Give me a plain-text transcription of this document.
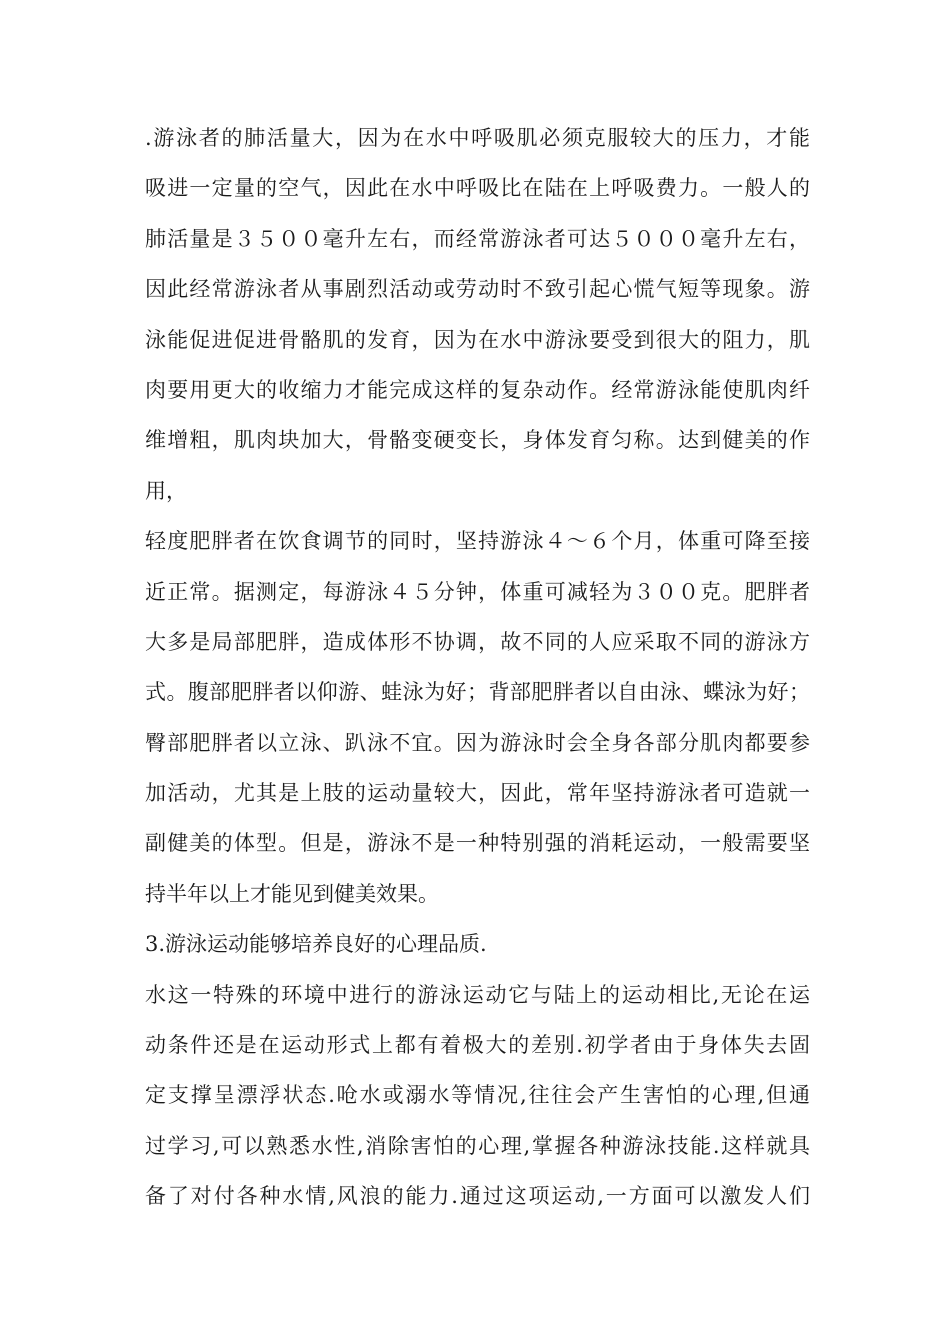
.游泳者的肺活量大，因为在水中呼吸肌必须克服较大的压力，才能
吸进一定量的空气，因此在水中呼吸比在陆在上呼吸费力。一般人的
肺活量是３５００毫升左右，而经常游泳者可达５０００毫升左右，
因此经常游泳者从事剧烈活动或劳动时不致引起心慌气短等现象。游
泳能促进促进骨骼肌的发育，因为在水中游泳要受到很大的阻力，肌
肉要用更大的收缩力才能完成这样的复杂动作。经常游泳能使肌肉纤
维增粗，肌肉块加大，骨骼变硬变长，身体发育匀称。达到健美的作
用，
轻度肥胖者在饮食调节的同时，坚持游泳４～６个月，体重可降至接
近正常。据测定，每游泳４５分钟，体重可减轻为３００克。肥胖者
大多是局部肥胖，造成体形不协调，故不同的人应采取不同的游泳方
式。腹部肥胖者以仰游、蛙泳为好；背部肥胖者以自由泳、蝶泳为好；
臀部肥胖者以立泳、趴泳不宜。因为游泳时会全身各部分肌肉都要参
加活动，尤其是上肢的运动量较大，因此，常年坚持游泳者可造就一
副健美的体型。但是，游泳不是一种特别强的消耗运动，一般需要坚
持半年以上才能见到健美效果。
3.游泳运动能够培养良好的心理品质.
水这一特殊的环境中进行的游泳运动它与陆上的运动相比,无论在运
动条件还是在运动形式上都有着极大的差别.初学者由于身体失去固
定支撑呈漂浮状态.呛水或溺水等情况,往往会产生害怕的心理,但通
过学习,可以熟悉水性,消除害怕的心理,掌握各种游泳技能.这样就具
备了对付各种水情,风浪的能力.通过这项运动,一方面可以激发人们
